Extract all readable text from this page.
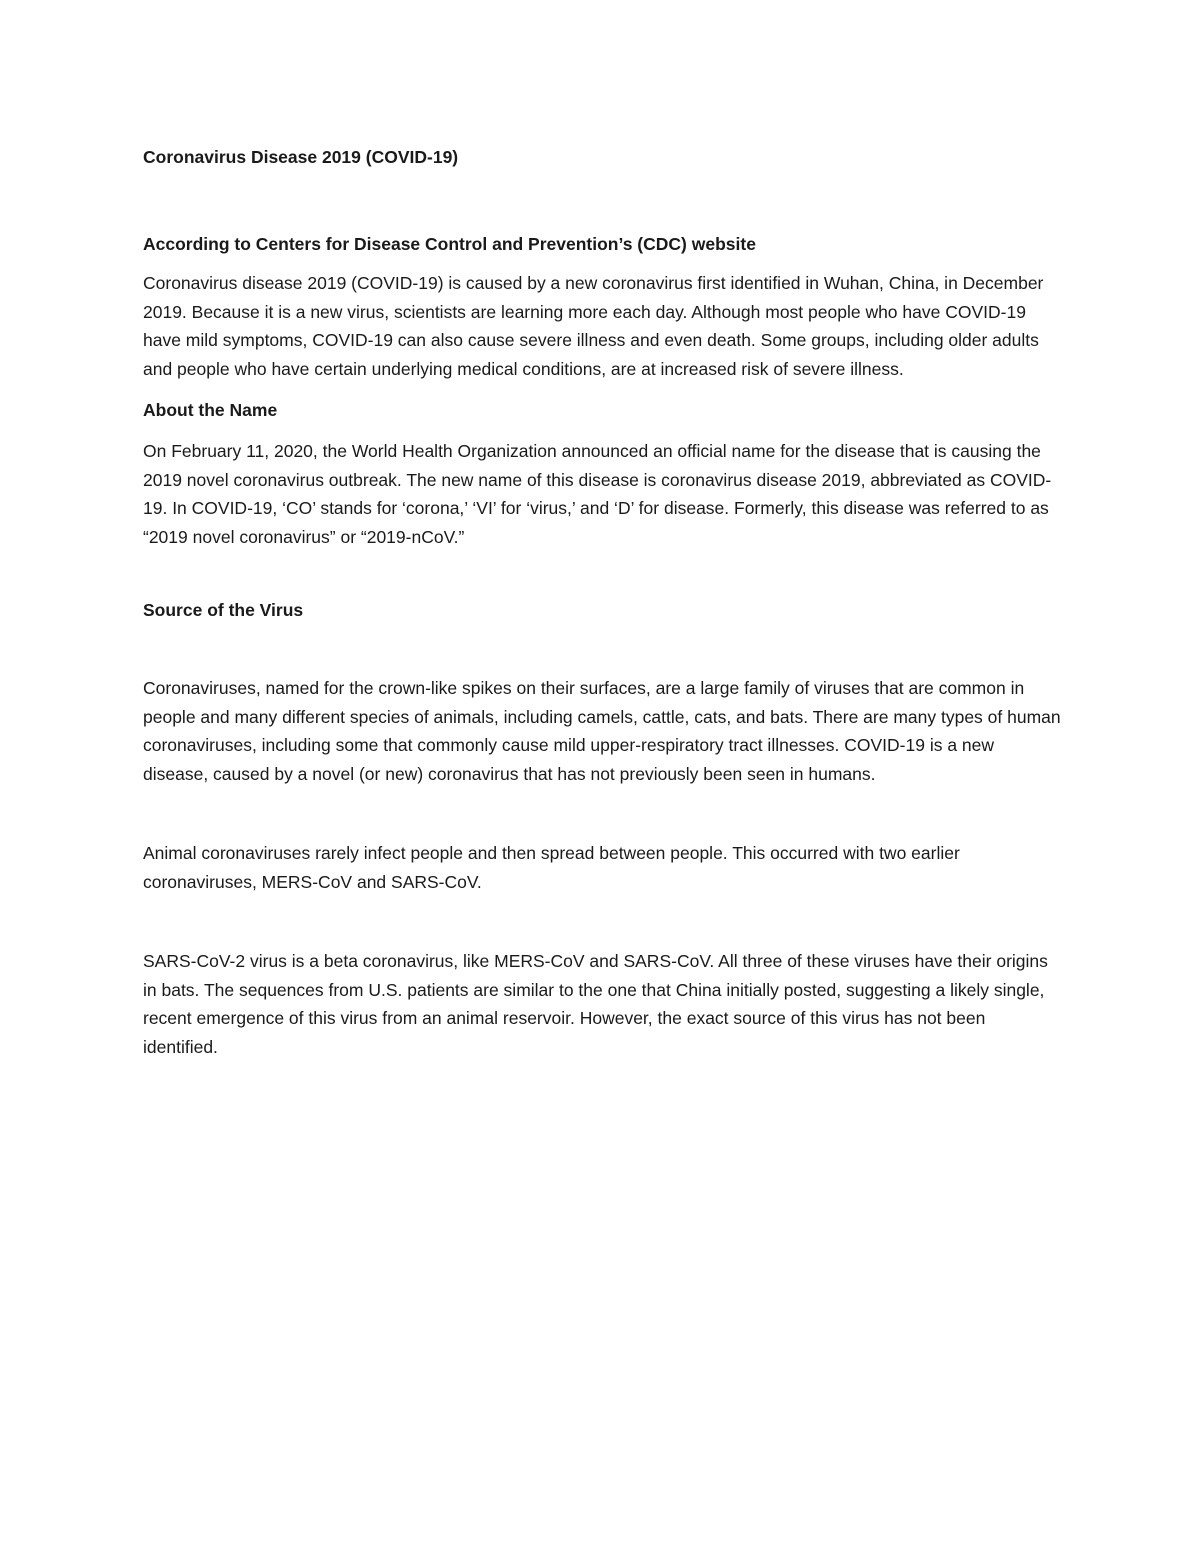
Coronavirus Disease 2019 (COVID-19)

According to Centers for Disease Control and Prevention’s (CDC) website

Coronavirus disease 2019 (COVID-19) is caused by a new coronavirus first identified in Wuhan, China, in December 2019. Because it is a new virus, scientists are learning more each day. Although most people who have COVID-19 have mild symptoms, COVID-19 can also cause severe illness and even death. Some groups, including older adults and people who have certain underlying medical conditions, are at increased risk of severe illness.

About the Name

On February 11, 2020, the World Health Organization announced an official name for the disease that is causing the 2019 novel coronavirus outbreak. The new name of this disease is coronavirus disease 2019, abbreviated as COVID-19. In COVID-19, ‘CO’ stands for ‘corona,’ ‘VI’ for ‘virus,’ and ‘D’ for disease. Formerly, this disease was referred to as “2019 novel coronavirus” or “2019-nCoV.”

Source of the Virus

Coronaviruses, named for the crown-like spikes on their surfaces, are a large family of viruses that are common in people and many different species of animals, including camels, cattle, cats, and bats. There are many types of human coronaviruses, including some that commonly cause mild upper-respiratory tract illnesses. COVID-19 is a new disease, caused by a novel (or new) coronavirus that has not previously been seen in humans.

Animal coronaviruses rarely infect people and then spread between people. This occurred with two earlier coronaviruses, MERS-CoV and SARS-CoV.

SARS-CoV-2 virus is a beta coronavirus, like MERS-CoV and SARS-CoV. All three of these viruses have their origins in bats. The sequences from U.S. patients are similar to the one that China initially posted, suggesting a likely single, recent emergence of this virus from an animal reservoir. However, the exact source of this virus has not been identified.
